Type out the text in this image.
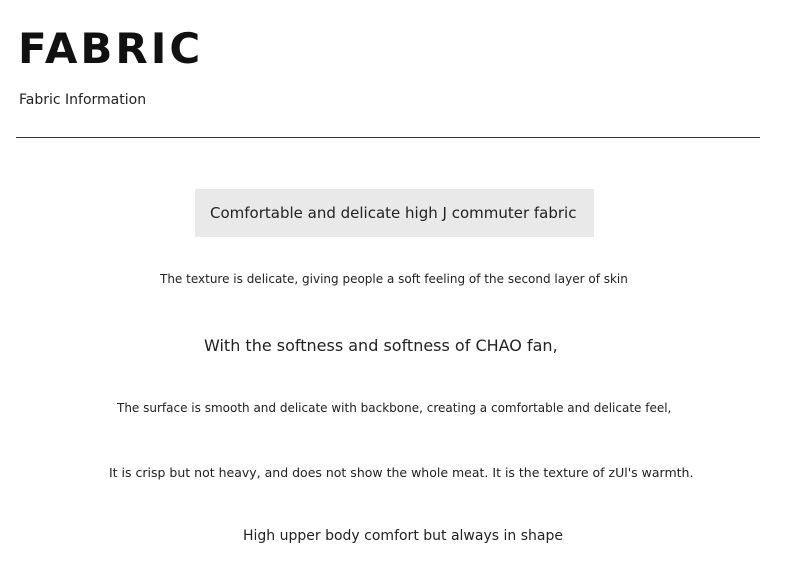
FABRIC
Fabric Information
Comfortable and delicate high J commuter fabric
The texture is delicate, giving people a soft feeling of the second layer of skin
With the softness and softness of CHAO fan,
The surface is smooth and delicate with backbone, creating a comfortable and delicate feel,
It is crisp but not heavy, and does not show the whole meat. It is the texture of zUl's warmth.
High upper body comfort but always in shape
